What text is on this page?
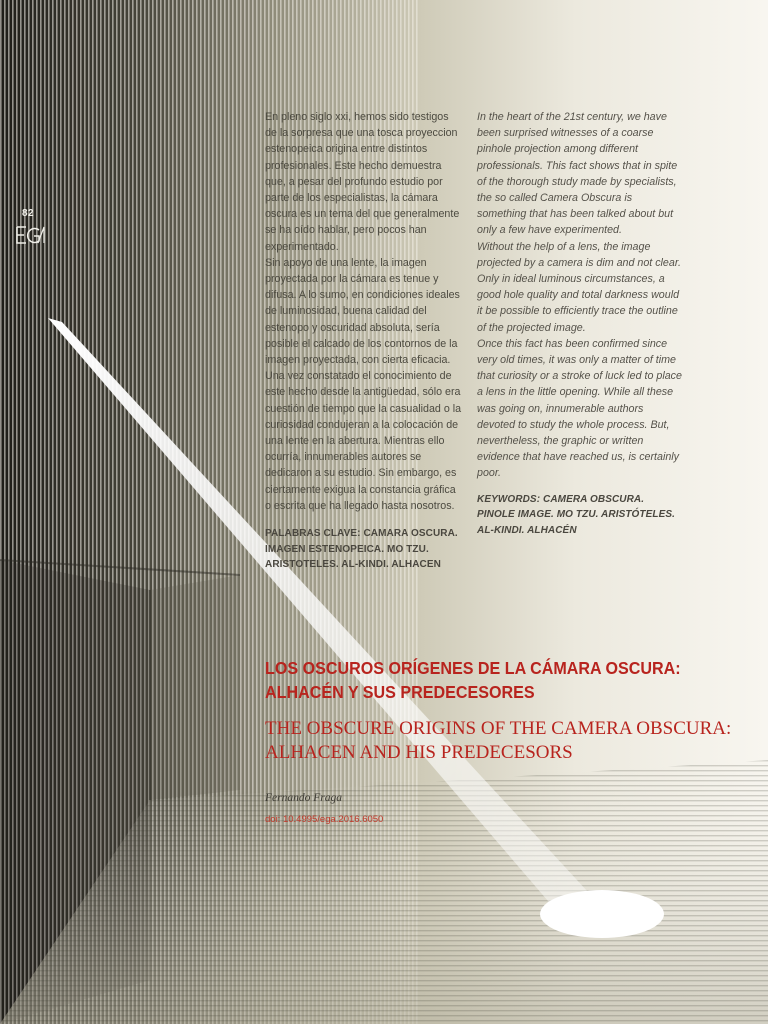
82

En pleno siglo xxi, hemos sido testigos de la sorpresa que una tosca proyeccion estenopeica origina entre distintos profesionales. Este hecho demuestra que, a pesar del profundo estudio por parte de los especialistas, la cámara oscura es un tema del que generalmente se ha oído hablar, pero pocos han experimentado.

Sin apoyo de una lente, la imagen proyectada por la cámara es tenue y difusa. A lo sumo, en condiciones ideales de luminosidad, buena calidad del estenopo y oscuridad absoluta, sería posible el calcado de los contornos de la imagen proyectada, con cierta eficacia.

Una vez constatado el conocimiento de este hecho desde la antigüedad, sólo era cuestión de tiempo que la casualidad o la curiosidad condujeran a la colocación de una lente en la abertura. Mientras ello ocurría, innumerables autores se dedicaron a su estudio. Sin embargo, es ciertamente exigua la constancia gráfica o escrita que ha llegado hasta nosotros.

PALABRAS CLAVE: CAMARA OSCURA. IMAGEN ESTENOPEICA. MO TZU. ARISTOTELES. AL-KINDI. ALHACEN

In the heart of the 21st century, we have been surprised witnesses of a coarse pinhole projection among different professionals. This fact shows that in spite of the thorough study made by specialists, the so called Camera Obscura is something that has been talked about but only a few have experimented.

Without the help of a lens, the image projected by a camera is dim and not clear. Only in ideal luminous circumstances, a good hole quality and total darkness would it be possible to efficiently trace the outline of the projected image.

Once this fact has been confirmed since very old times, it was only a matter of time that curiosity or a stroke of luck led to place a lens in the little opening. While all these was going on, innumerable authors devoted to study the whole process. But, nevertheless, the graphic or written evidence that have reached us, is certainly poor.

KEYWORDS: CAMERA OBSCURA. PINOLE IMAGE. MO TZU. ARISTÓTELES. AL-KINDI. ALHACÉN

LOS OSCUROS ORÍGENES DE LA CÁMARA OSCURA:
ALHACÉN Y SUS PREDECESORES
THE OBSCURE ORIGINS OF THE CAMERA OBSCURA:
ALHACEN AND HIS PREDECESORS
Fernando Fraga
doi: 10.4995/ega.2016.6050
